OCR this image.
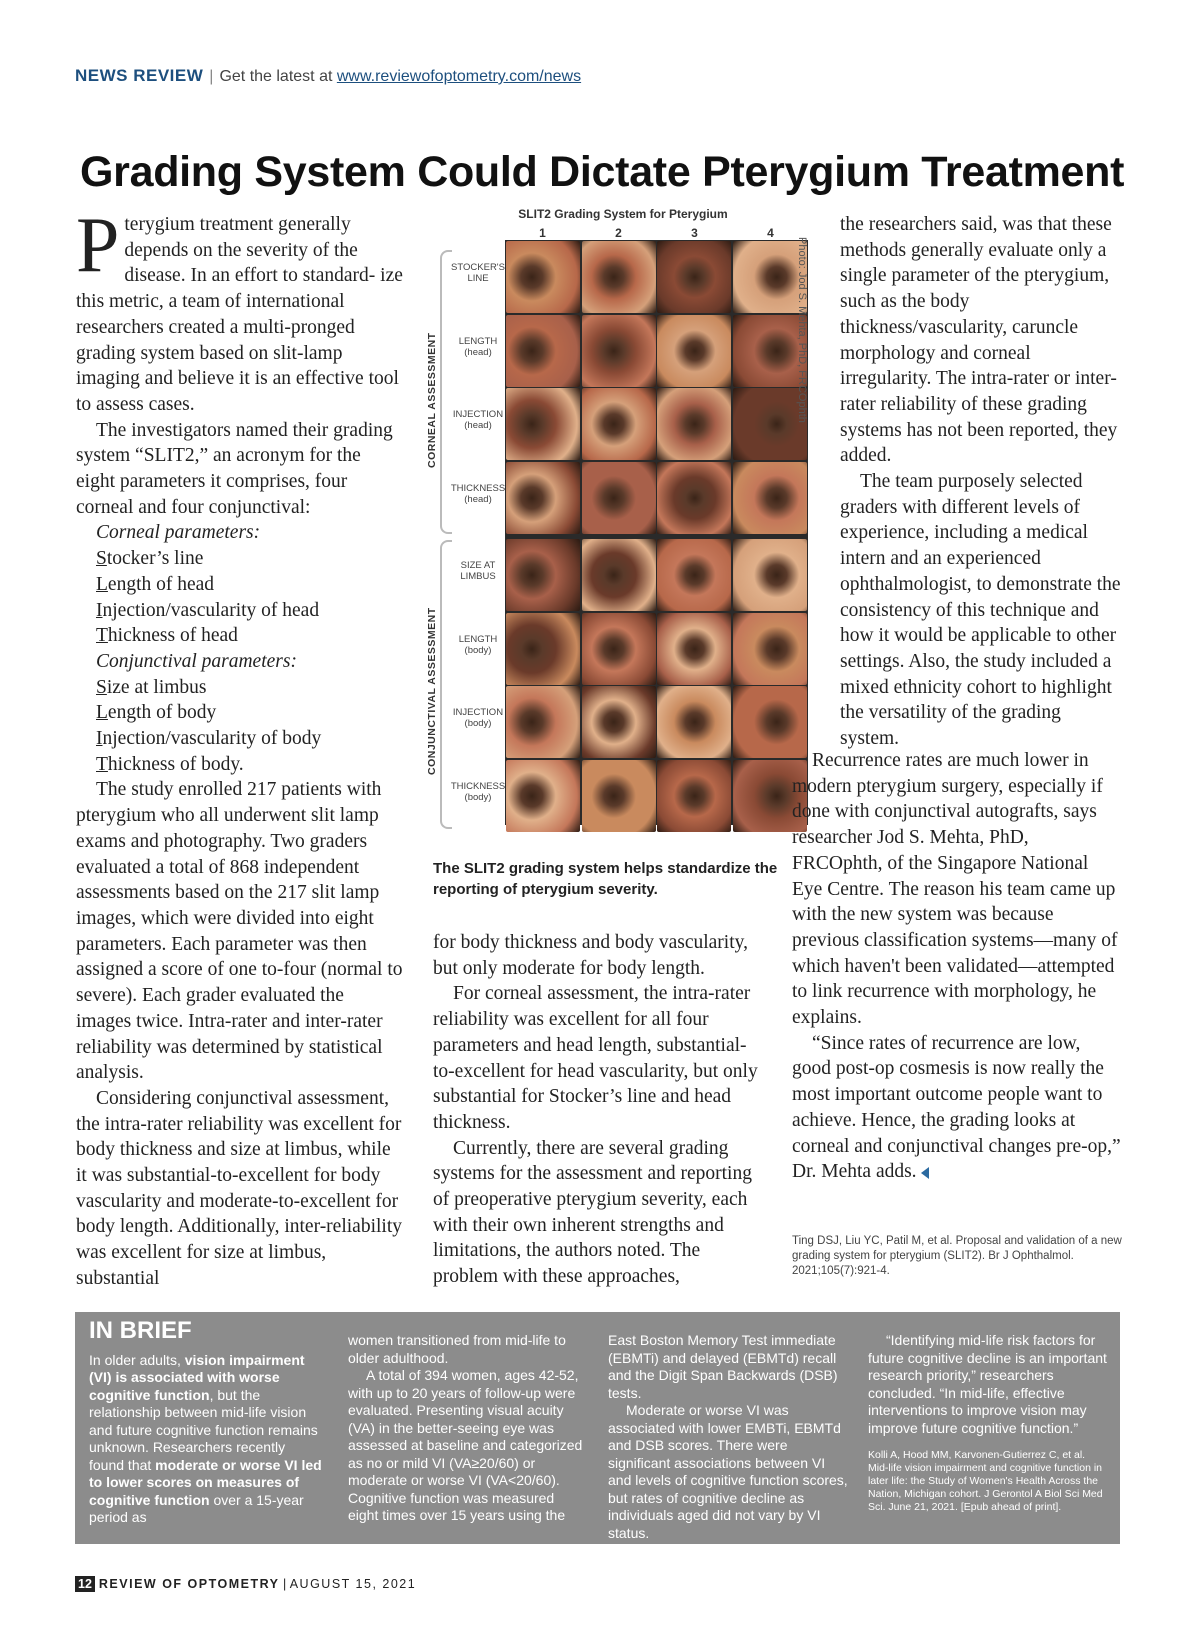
NEWS REVIEW | Get the latest at www.reviewofoptometry.com/news
Grading System Could Dictate Pterygium Treatment

P terygium treatment generally
depends on the severity of the
disease. In an effort to standard- ize this metric, a team of international researchers created a multi-pronged grading system based on slit-lamp imaging and believe it is an effective tool to assess cases.

The investigators named their grading system “SLIT2,” an acronym for the eight parameters it comprises, four corneal and four conjunctival:

Corneal parameters:

Stocker’s line

Length of head

Injection/vascularity of head

Thickness of head

Conjunctival parameters:

Size at limbus

Length of body

Injection/vascularity of body

Thickness of body.

The study enrolled 217 patients with pterygium who all underwent slit lamp exams and photography. Two graders evaluated a total of 868 independent assessments based on the 217 slit lamp images, which were divided into eight parameters. Each parameter was then assigned a score of one to-four (normal to severe). Each grader evaluated the images twice. Intra-rater and inter-rater reliability was determined by statistical analysis.

Considering conjunctival assessment, the intra-rater reliability was excellent for body thickness and size at limbus, while it was substantial-to-excellent for body vascularity and moderate-to-excellent for body length. Additionally, inter-reliability was excellent for size at limbus, substantial

SLIT2 Grading System for Pterygium
1	2	3	4
CORNEAL ASSESSMENT
CONJUNCTIVAL ASSESSMENT
STOCKER'S LINE
LENGTH
(head)
INJECTION
(head)
THICKNESS
(head)
SIZE AT LIMBUS
LENGTH
(body)
INJECTION
(body)
THICKNESS
(body)
Photo: Jod S. Mehta, PhD, FRCOphth
The SLIT2 grading system helps standardize the reporting of pterygium severity.

for body thickness and body vascularity, but only moderate for body length.

For corneal assessment, the intra-rater reliability was excellent for all four parameters and head length, substantial-to-excellent for head vascularity, but only substantial for Stocker’s line and head thickness.

Currently, there are several grading systems for the assessment and reporting of preoperative pterygium severity, each with their own inherent strengths and limitations, the authors noted. The problem with these approaches,

the researchers said, was that these methods generally evaluate only a single parameter of the pterygium, such as the body thickness/vascularity, caruncle morphology and corneal irregularity. The intra-rater or inter-rater reliability of these grading systems has not been reported, they added.

The team purposely selected graders with different levels of experience, including a medical intern and an experienced ophthalmologist, to demonstrate the consistency of this technique and how it would be applicable to other settings. Also, the study included a mixed ethnicity cohort to highlight the versatility of the grading system.

Recurrence rates are much lower in modern pterygium surgery, especially if done with conjunctival autografts, says researcher Jod S. Mehta, PhD, FRCOphth, of the Singapore National Eye Centre. The reason his team came up with the new system was because previous classification systems—many of which haven't been validated—attempted to link recurrence with morphology, he explains.

“Since rates of recurrence are low, good post-op cosmesis is now really the most important outcome people want to achieve. Hence, the grading looks at corneal and conjunctival changes pre-op,” Dr. Mehta adds.

Ting DSJ, Liu YC, Patil M, et al. Proposal and validation of a new grading system for pterygium (SLIT2). Br J Ophthalmol. 2021;105(7):921-4.
IN BRIEF

In older adults, vision impairment (VI) is associated with worse cognitive function, but the relationship between mid-life vision and future cognitive function remains unknown. Researchers recently found that moderate or worse VI led to lower scores on measures of cognitive function over a 15-year period as

women transitioned from mid-life to older adulthood.

A total of 394 women, ages 42-52, with up to 20 years of follow-up were evaluated. Presenting visual acuity (VA) in the better-seeing eye was assessed at baseline and categorized as no or mild VI (VA≥20/60) or moderate or worse VI (VA<20/60). Cognitive function was measured eight times over 15 years using the

East Boston Memory Test immediate (EBMTi) and delayed (EBMTd) recall and the Digit Span Backwards (DSB) tests.

Moderate or worse VI was associated with lower EMBTi, EBMTd and DSB scores. There were significant associations between VI and levels of cognitive function scores, but rates of cognitive decline as individuals aged did not vary by VI status.

“Identifying mid-life risk factors for future cognitive decline is an important research priority,” researchers concluded. “In mid-life, effective interventions to improve vision may improve future cognitive function.”

Kolli A, Hood MM, Karvonen-Gutierrez C, et al. Mid-life vision impairment and cognitive function in later life: the Study of Women's Health Across the Nation, Michigan cohort. J Gerontol A Biol Sci Med Sci. June 21, 2021. [Epub ahead of print].

12 REVIEW OF OPTOMETRY | AUGUST 15, 2021
